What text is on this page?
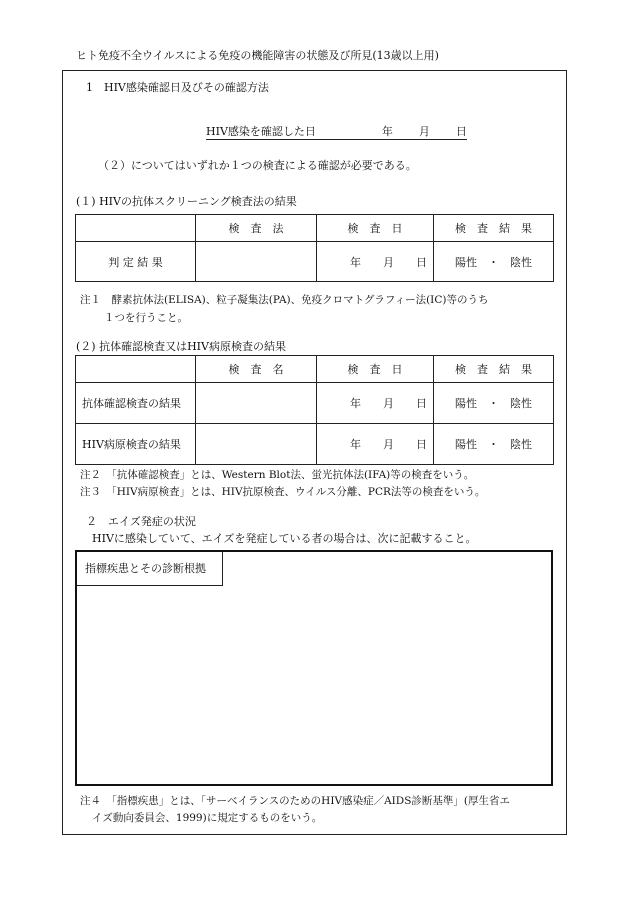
ヒト免疫不全ウイルスによる免疫の機能障害の状態及び所見(13歳以上用)
1　HIV感染確認日及びその確認方法
HIV感染を確認した日	年 月 日
（２）についてはいずれか１つの検査による確認が必要である。
(１) HIVの抗体スクリーニング検査法の結果
	検　査　法	検　査　日	検　査　結　果
判 定 結 果		年 月 日	陽性　・　陰性
注１　酵素抗体法(ELISA)、粒子凝集法(PA)、免疫クロマトグラフィー法(IC)等のうち
１つを行うこと。
(２) 抗体確認検査又はHIV病原検査の結果
	検　査　名	検　査　日	検　査　結　果
抗体確認検査の結果		年 月 日	陽性　・　陰性
HIV病原検査の結果		年 月 日	陽性　・　陰性
注２　「抗体確認検査」とは、Western Blot法、蛍光抗体法(IFA)等の検査をいう。
注３　「HIV病原検査」とは、HIV抗原検査、ウイルス分離、PCR法等の検査をいう。
２　エイズ発症の状況
HIVに感染していて、エイズを発症している者の場合は、次に記載すること。
指標疾患とその診断根拠
注４　「指標疾患」とは、「サーベイランスのためのHIV感染症／AIDS診断基準」(厚生省エ
イズ動向委員会、1999)に規定するものをいう。
